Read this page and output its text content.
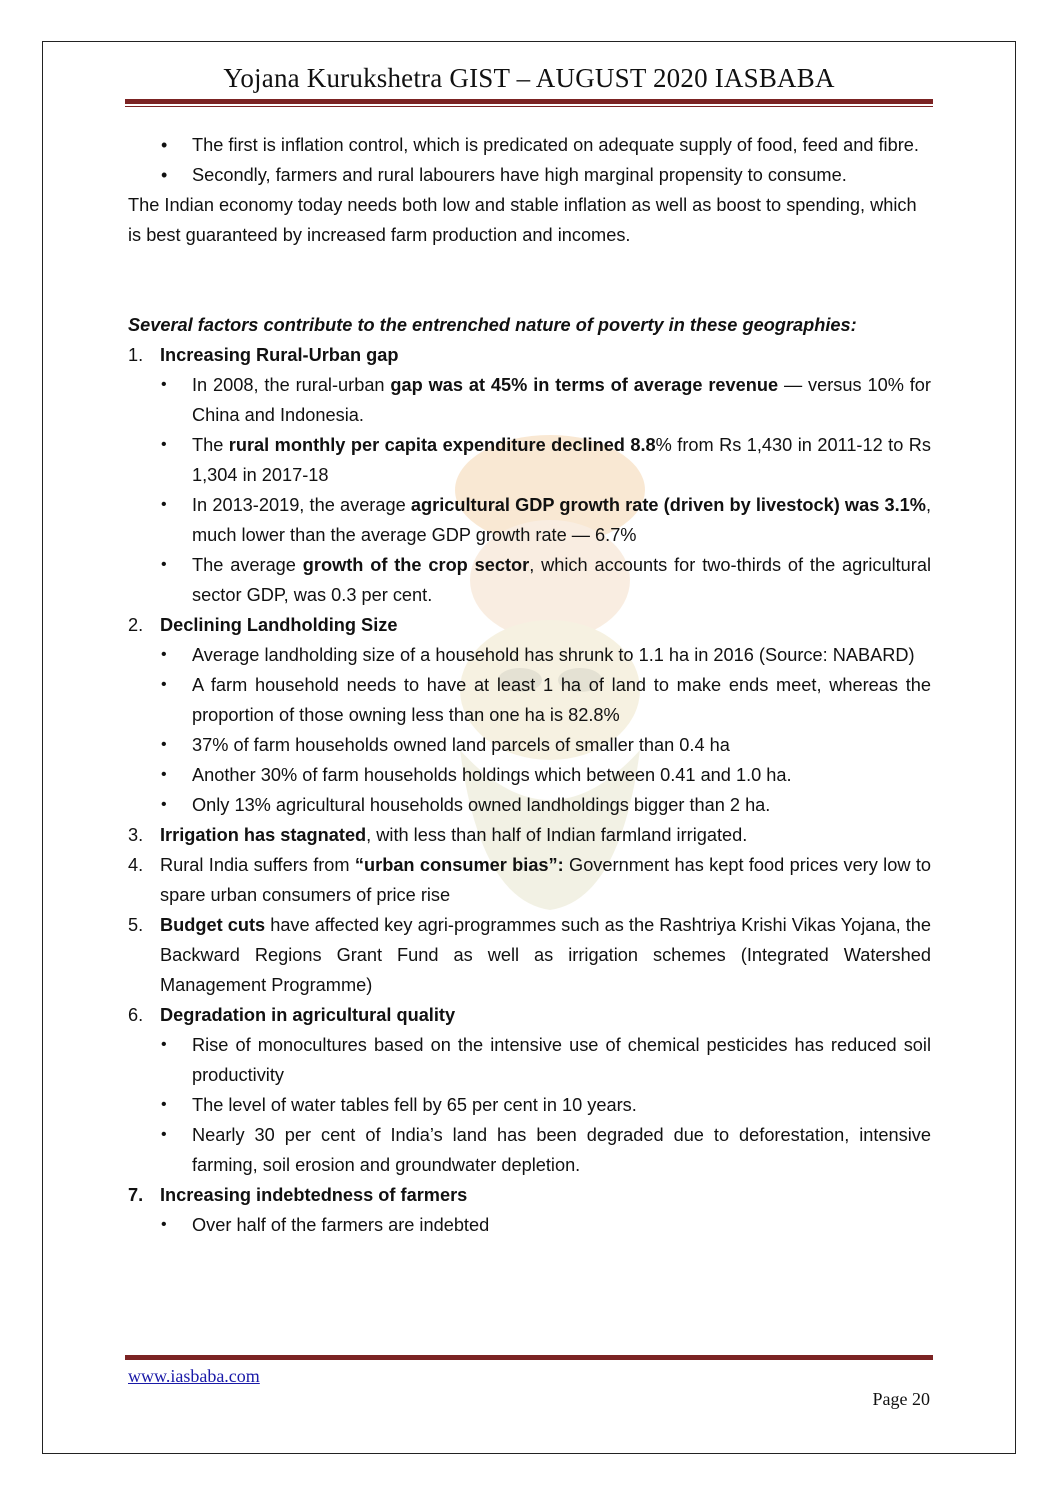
Yojana Kurukshetra GIST – AUGUST 2020 IASBABA
• The first is inflation control, which is predicated on adequate supply of food, feed and fibre.
• Secondly, farmers and rural labourers have high marginal propensity to consume.

The Indian economy today needs both low and stable inflation as well as boost to spending, which is best guaranteed by increased farm production and incomes.

Several factors contribute to the entrenched nature of poverty in these geographies:

1. Increasing Rural-Urban gap
• In 2008, the rural-urban gap was at 45% in terms of average revenue — versus 10% for China and Indonesia.
• The rural monthly per capita expenditure declined 8.8% from Rs 1,430 in 2011-12 to Rs 1,304 in 2017-18
• In 2013-2019, the average agricultural GDP growth rate (driven by livestock) was 3.1%, much lower than the average GDP growth rate — 6.7%
• The average growth of the crop sector, which accounts for two-thirds of the agricultural sector GDP, was 0.3 per cent.
2. Declining Landholding Size
• Average landholding size of a household has shrunk to 1.1 ha in 2016 (Source: NABARD)
• A farm household needs to have at least 1 ha of land to make ends meet, whereas the proportion of those owning less than one ha is 82.8%
• 37% of farm households owned land parcels of smaller than 0.4 ha
• Another 30% of farm households holdings which between 0.41 and 1.0 ha.
• Only 13% agricultural households owned landholdings bigger than 2 ha.
3. Irrigation has stagnated, with less than half of Indian farmland irrigated.
4. Rural India suffers from “urban consumer bias”: Government has kept food prices very low to spare urban consumers of price rise
5. Budget cuts have affected key agri-programmes such as the Rashtriya Krishi Vikas Yojana, the Backward Regions Grant Fund as well as irrigation schemes (Integrated Watershed Management Programme)
6. Degradation in agricultural quality
• Rise of monocultures based on the intensive use of chemical pesticides has reduced soil productivity
• The level of water tables fell by 65 per cent in 10 years.
• Nearly 30 per cent of India’s land has been degraded due to deforestation, intensive farming, soil erosion and groundwater depletion.
7. Increasing indebtedness of farmers
• Over half of the farmers are indebted
www.iasbaba.com
Page 20
